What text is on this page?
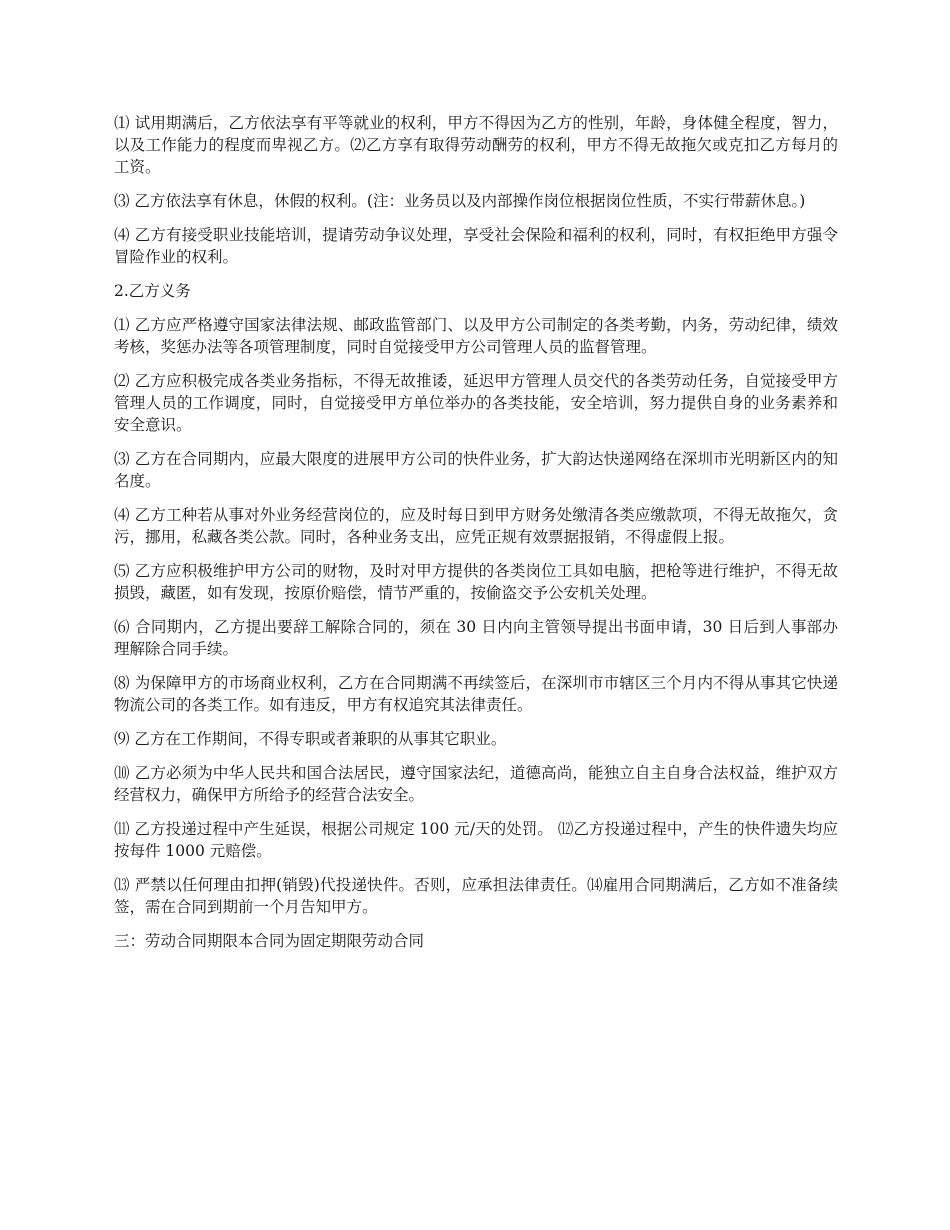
⑴ 试用期满后，乙方依法享有平等就业的权利，甲方不得因为乙方的性别，年龄，身体健全程度，智力，以及工作能力的程度而卑视乙方。⑵乙方享有取得劳动酬劳的权利，甲方不得无故拖欠或克扣乙方每月的工资。

⑶ 乙方依法享有休息，休假的权利。(注：业务员以及内部操作岗位根据岗位性质，不实行带薪休息。)

⑷ 乙方有接受职业技能培训，提请劳动争议处理，享受社会保险和福利的权利，同时，有权拒绝甲方强令冒险作业的权利。

2.乙方义务

⑴ 乙方应严格遵守国家法律法规、邮政监管部门、以及甲方公司制定的各类考勤，内务，劳动纪律，绩效考核，奖惩办法等各项管理制度，同时自觉接受甲方公司管理人员的监督管理。

⑵ 乙方应积极完成各类业务指标，不得无故推诿，延迟甲方管理人员交代的各类劳动任务，自觉接受甲方管理人员的工作调度，同时，自觉接受甲方单位举办的各类技能，安全培训，努力提供自身的业务素养和安全意识。

⑶ 乙方在合同期内，应最大限度的进展甲方公司的快件业务，扩大韵达快递网络在深圳市光明新区内的知名度。

⑷ 乙方工种若从事对外业务经营岗位的，应及时每日到甲方财务处缴清各类应缴款项，不得无故拖欠，贪污，挪用，私藏各类公款。同时，各种业务支出，应凭正规有效票据报销，不得虚假上报。

⑸ 乙方应积极维护甲方公司的财物，及时对甲方提供的各类岗位工具如电脑，把枪等进行维护，不得无故损毁，藏匿，如有发现，按原价赔偿，情节严重的，按偷盗交予公安机关处理。

⑹ 合同期内，乙方提出要辞工解除合同的，须在 30 日内向主管领导提出书面申请，30 日后到人事部办理解除合同手续。

⑻ 为保障甲方的市场商业权利，乙方在合同期满不再续签后，在深圳市市辖区三个月内不得从事其它快递物流公司的各类工作。如有违反，甲方有权追究其法律责任。

⑼ 乙方在工作期间，不得专职或者兼职的从事其它职业。

⑽ 乙方必须为中华人民共和国合法居民，遵守国家法纪，道德高尚，能独立自主自身合法权益，维护双方经营权力，确保甲方所给予的经营合法安全。

⑾ 乙方投递过程中产生延误，根据公司规定 100 元/天的处罚。 ⑿乙方投递过程中，产生的快件遗失均应按每件 1000 元赔偿。

⒀ 严禁以任何理由扣押(销毁)代投递快件。否则，应承担法律责任。⒁雇用合同期满后，乙方如不准备续签，需在合同到期前一个月告知甲方。

三：劳动合同期限本合同为固定期限劳动合同
